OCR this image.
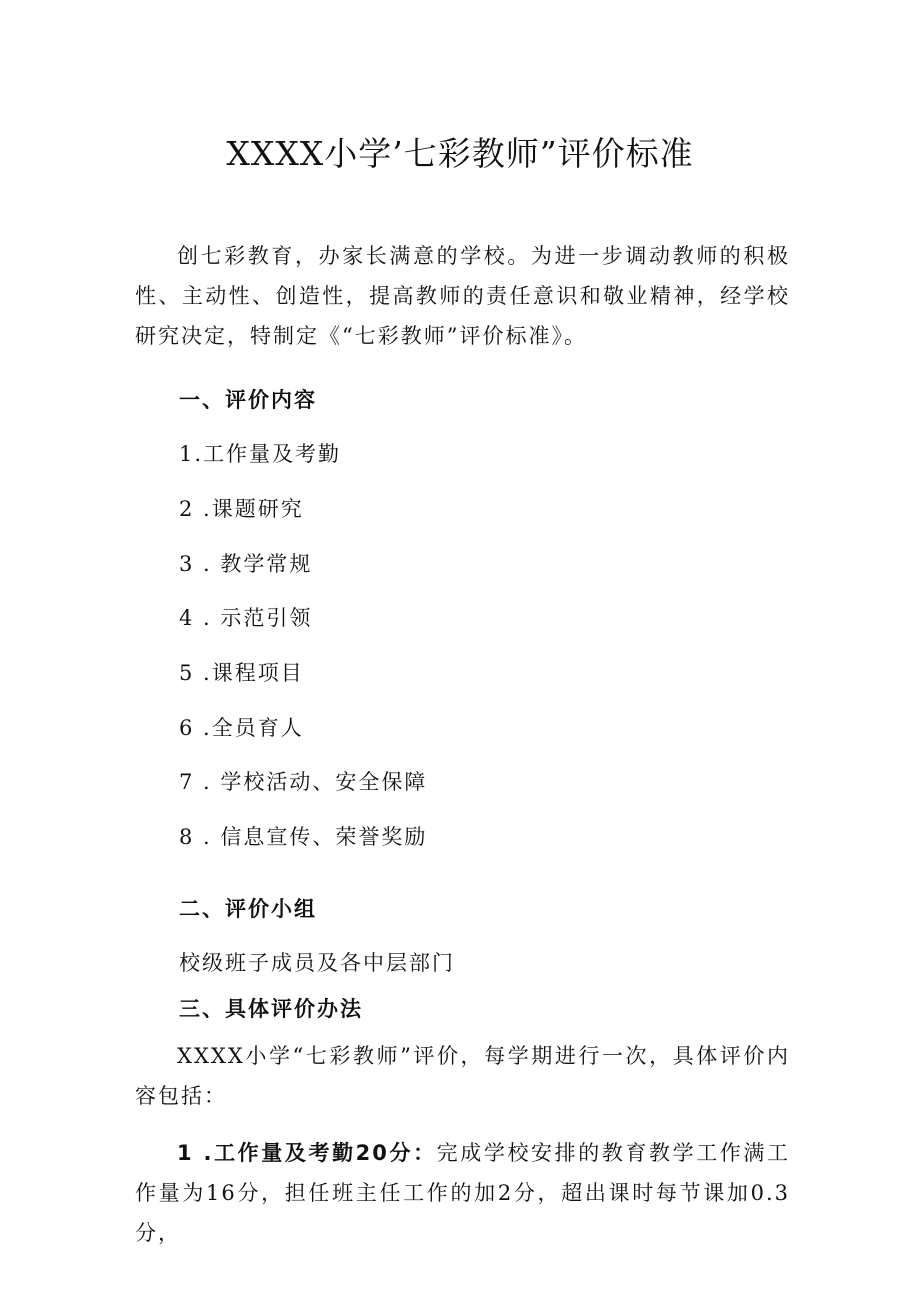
XXXX小学’七彩教师”评价标准
创七彩教育，办家长满意的学校。为进一步调动教师的积极性、主动性、创造性，提高教师的责任意识和敬业精神，经学校研究决定，特制定《“七彩教师”评价标准》。
一、评价内容
1.工作量及考勤
2 .课题研究
3 . 教学常规
4 . 示范引领
5 .课程项目
6 .全员育人
7 . 学校活动、安全保障
8 . 信息宣传、荣誉奖励
二、评价小组
校级班子成员及各中层部门
三、具体评价办法
XXXX小学“七彩教师”评价，每学期进行一次，具体评价内容包括：
1 .工作量及考勤20分：完成学校安排的教育教学工作满工作量为16分，担任班主任工作的加2分，超出课时每节课加0.3分，
